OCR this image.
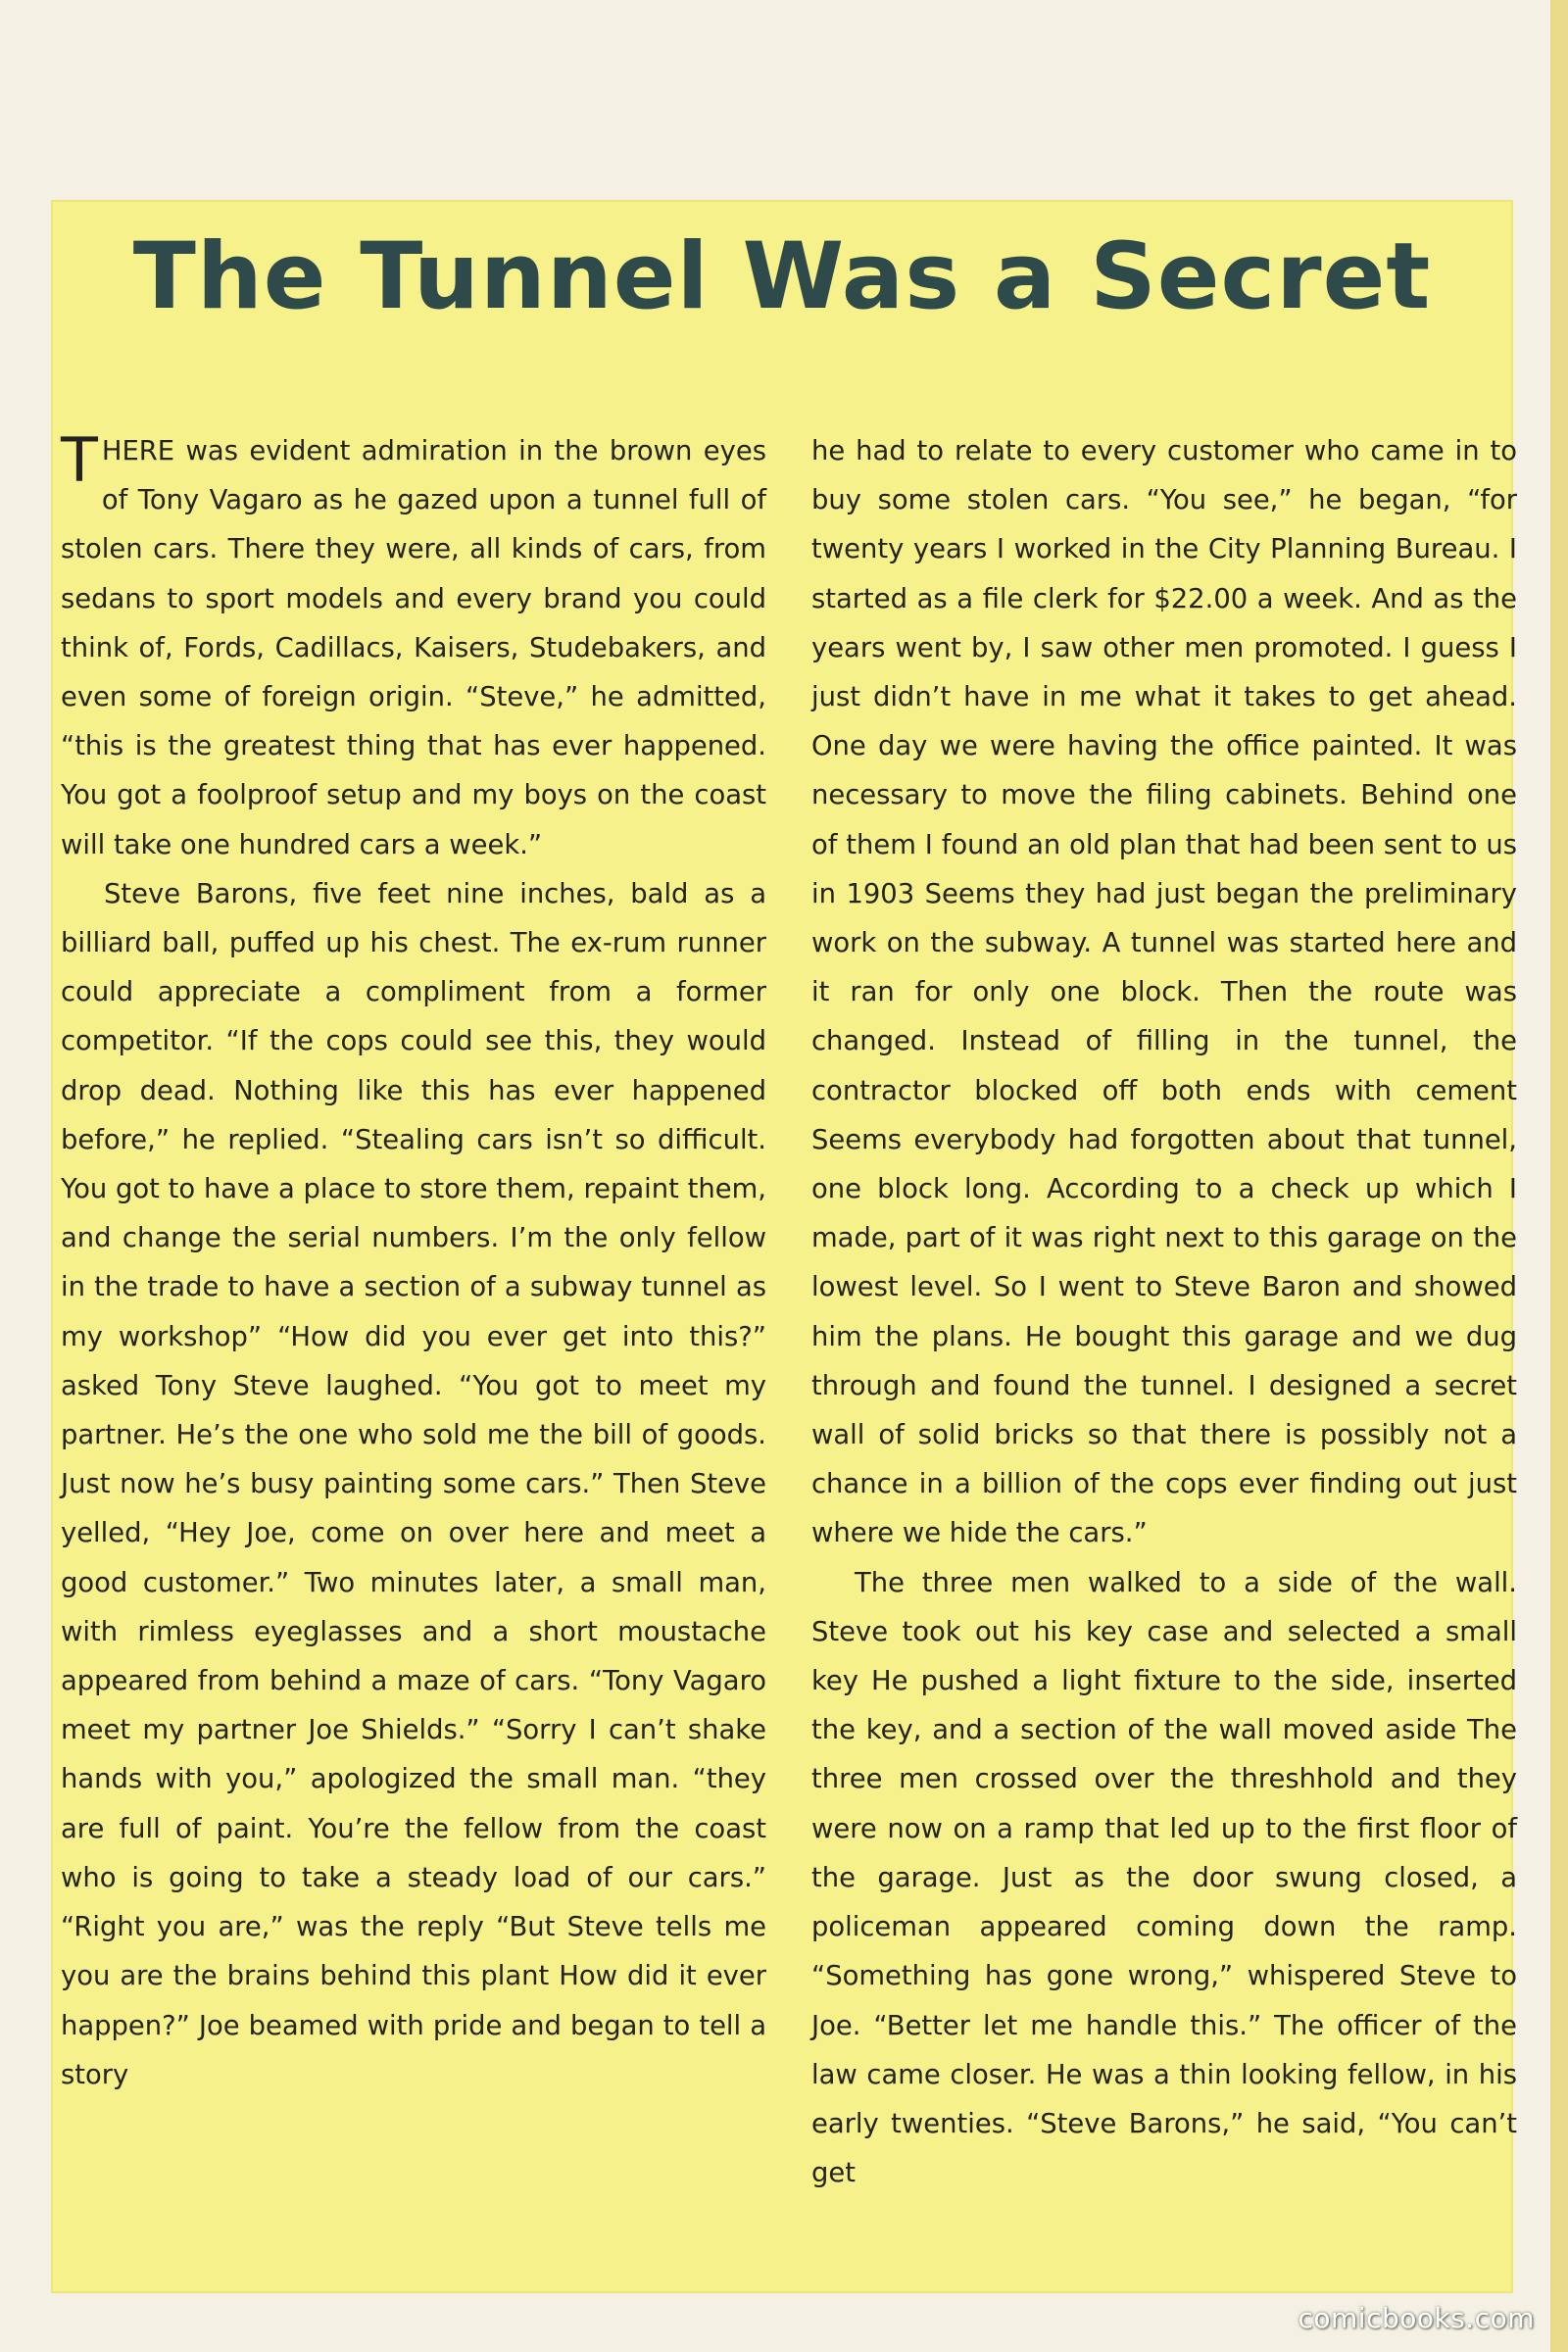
The Tunnel Was a Secret

THERE was evident admiration in the brown eyes of Tony Vagaro as he gazed upon a tunnel full of stolen cars. There they were, all kinds of cars, from sedans to sport models and every brand you could think of, Fords, Cadillacs, Kaisers, Studebakers, and even some of foreign origin. “Steve,” he admitted, “this is the greatest thing that has ever happened. You got a foolproof setup and my boys on the coast will take one hundred cars a week.”

Steve Barons, five feet nine inches, bald as a billiard ball, puffed up his chest. The ex-rum runner could appreciate a compliment from a former competitor. “If the cops could see this, they would drop dead. Nothing like this has ever happened before,” he replied. “Stealing cars isn’t so difficult. You got to have a place to store them, repaint them, and change the serial numbers. I’m the only fellow in the trade to have a section of a subway tunnel as my workshop” “How did you ever get into this?” asked Tony Steve laughed. “You got to meet my partner. He’s the one who sold me the bill of goods. Just now he’s busy painting some cars.” Then Steve yelled, “Hey Joe, come on over here and meet a good customer.” Two minutes later, a small man, with rimless eyeglasses and a short moustache appeared from behind a maze of cars. “Tony Vagaro meet my partner Joe Shields.” “Sorry I can’t shake hands with you,” apologized the small man. “they are full of paint. You’re the fellow from the coast who is going to take a steady load of our cars.” “Right you are,” was the reply “But Steve tells me you are the brains behind this plant How did it ever happen?” Joe beamed with pride and began to tell a story

he had to relate to every customer who came in to buy some stolen cars. “You see,” he began, “for twenty years I worked in the City Planning Bureau. I started as a file clerk for $22.00 a week. And as the years went by, I saw other men promoted. I guess I just didn’t have in me what it takes to get ahead. One day we were having the office painted. It was necessary to move the filing cabinets. Behind one of them I found an old plan that had been sent to us in 1903 Seems they had just began the preliminary work on the subway. A tunnel was started here and it ran for only one block. Then the route was changed. Instead of filling in the tunnel, the contractor blocked off both ends with cement Seems everybody had forgotten about that tunnel, one block long. According to a check up which I made, part of it was right next to this garage on the lowest level. So I went to Steve Baron and showed him the plans. He bought this garage and we dug through and found the tunnel. I designed a secret wall of solid bricks so that there is possibly not a chance in a billion of the cops ever finding out just where we hide the cars.”

The three men walked to a side of the wall. Steve took out his key case and selected a small key He pushed a light fixture to the side, inserted the key, and a section of the wall moved aside The three men crossed over the threshhold and they were now on a ramp that led up to the first floor of the garage. Just as the door swung closed, a policeman appeared coming down the ramp. “Something has gone wrong,” whispered Steve to Joe. “Better let me handle this.” The officer of the law came closer. He was a thin looking fellow, in his early twenties. “Steve Barons,” he said, “You can’t get

comicbooks.com
